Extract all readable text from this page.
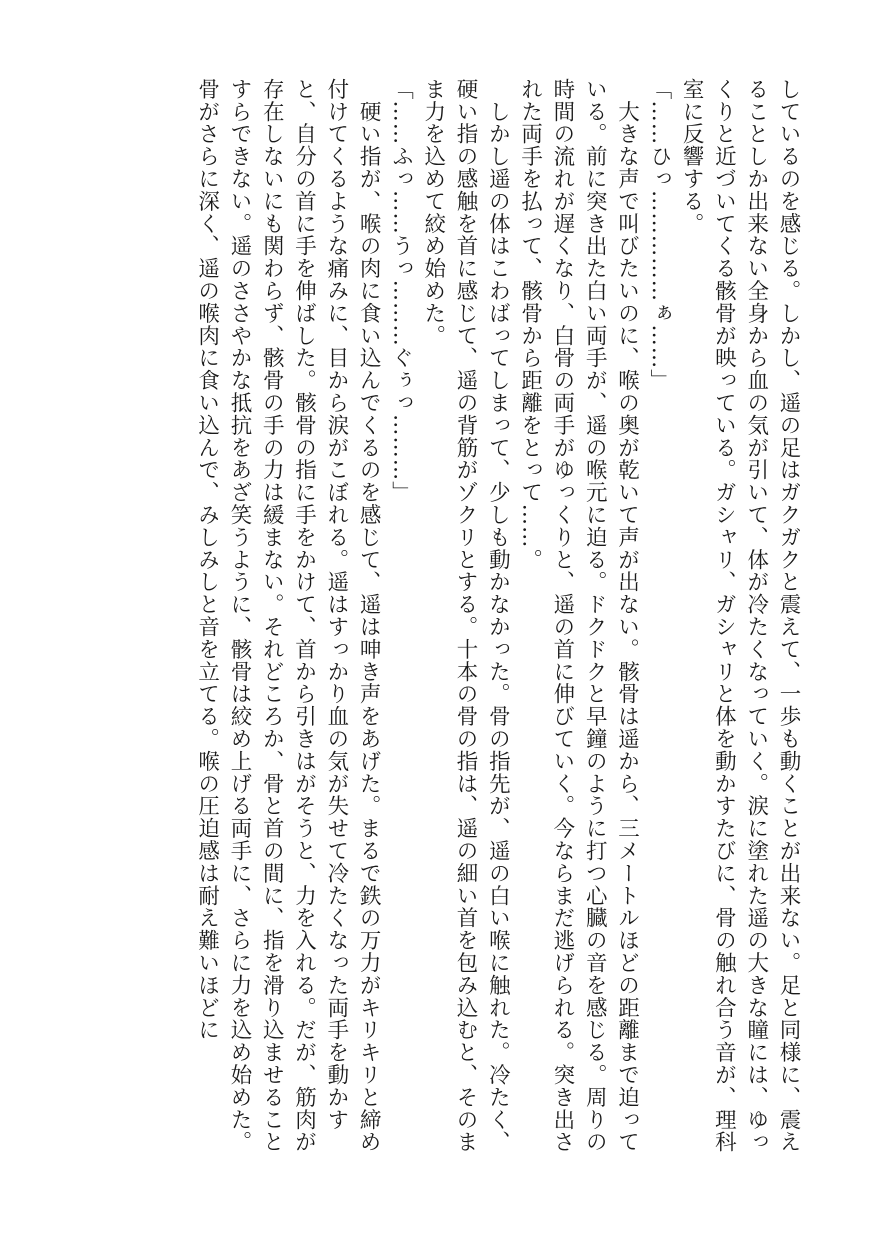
しているのを感じる。しかし、遥の足はガクガクと震えて、一歩も動くことが出来ない。足と同様に、震えることしか出来ない全身から血の気が引いて、体が冷たくなっていく。涙に塗れた遥の大きな瞳には、ゆっくりと近づいてくる骸骨が映っている。ガシャリ、ガシャリと体を動かすたびに、骨の触れ合う音が、理科室に反響する。

「……ひっ……………ぁ……」

　大きな声で叫びたいのに、喉の奥が乾いて声が出ない。骸骨は遥から、三メートルほどの距離まで迫っている。前に突き出た白い両手が、遥の喉元に迫る。ドクドクと早鐘のように打つ心臓の音を感じる。周りの時間の流れが遅くなり、白骨の両手がゆっくりと、遥の首に伸びていく。今ならまだ逃げられる。突き出された両手を払って、骸骨から距離をとって……。

　しかし遥の体はこわばってしまって、少しも動かなかった。骨の指先が、遥の白い喉に触れた。冷たく、硬い指の感触を首に感じて、遥の背筋がゾクリとする。十本の骨の指は、遥の細い首を包み込むと、そのまま力を込めて絞め始めた。

「……ふっ……うっ………ぐぅっ………」

　硬い指が、喉の肉に食い込んでくるのを感じて、遥は呻き声をあげた。まるで鉄の万力がキリキリと締め付けてくるような痛みに、目から涙がこぼれる。遥はすっかり血の気が失せて冷たくなった両手を動かすと、自分の首に手を伸ばした。骸骨の指に手をかけて、首から引きはがそうと、力を入れる。だが、筋肉が存在しないにも関わらず、骸骨の手の力は緩まない。それどころか、骨と首の間に、指を滑り込ませることすらできない。遥のささやかな抵抗をあざ笑うように、骸骨は絞め上げる両手に、さらに力を込め始めた。骨がさらに深く、遥の喉肉に食い込んで、みしみしと音を立てる。喉の圧迫感は耐え難いほどに
